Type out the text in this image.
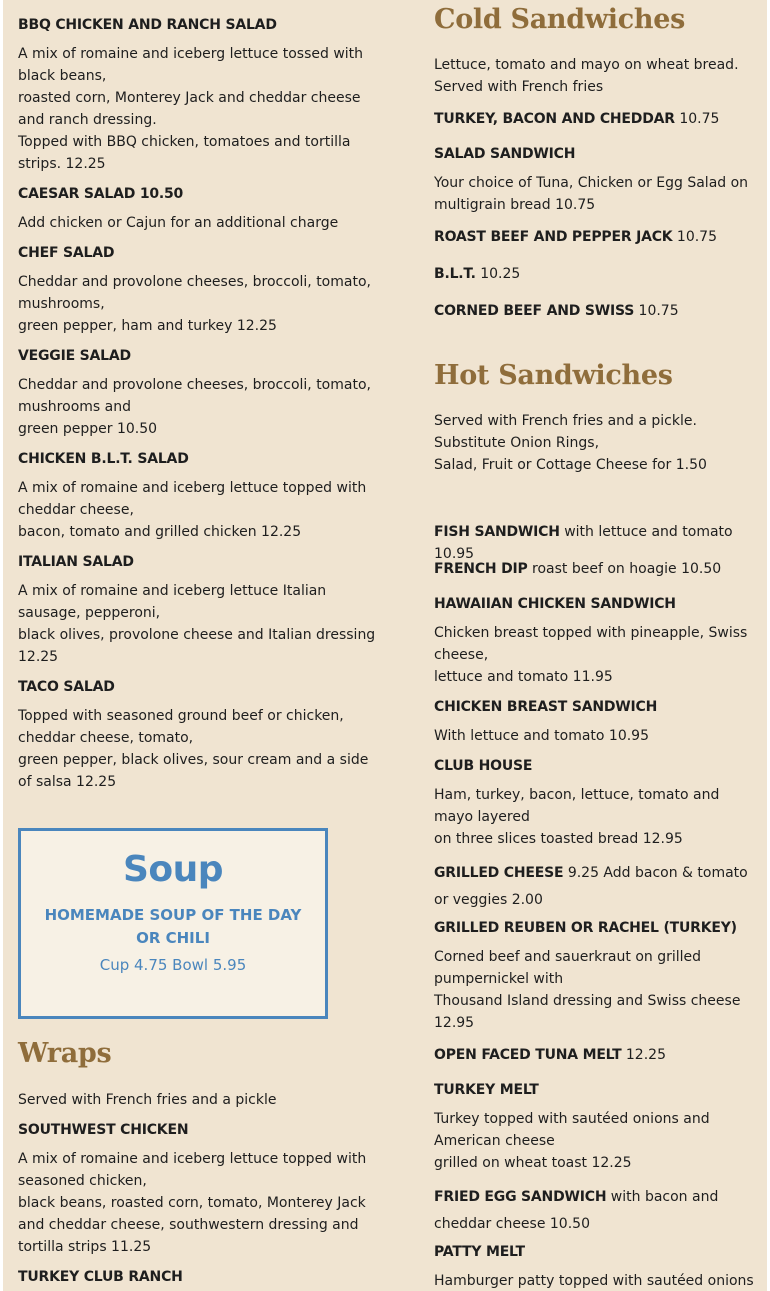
BBQ CHICKEN AND RANCH SALAD

A mix of romaine and iceberg lettuce tossed with black beans,

roasted corn, Monterey Jack and cheddar cheese and ranch dressing.

Topped with BBQ chicken, tomatoes and tortilla strips. 12.25

CAESAR SALAD 10.50

Add chicken or Cajun for an additional charge

CHEF SALAD

Cheddar and provolone cheeses, broccoli, tomato, mushrooms,

green pepper, ham and turkey 12.25

VEGGIE SALAD

Cheddar and provolone cheeses, broccoli, tomato, mushrooms and

green pepper 10.50

CHICKEN B.L.T. SALAD

A mix of romaine and iceberg lettuce topped with cheddar cheese,

bacon, tomato and grilled chicken 12.25

ITALIAN SALAD

A mix of romaine and iceberg lettuce Italian sausage, pepperoni,

black olives, provolone cheese and Italian dressing 12.25

TACO SALAD

Topped with seasoned ground beef or chicken, cheddar cheese, tomato,

green pepper, black olives, sour cream and a side of salsa 12.25

Wraps

Served with French fries and a pickle

SOUTHWEST CHICKEN

A mix of romaine and iceberg lettuce topped with seasoned chicken,

black beans, roasted corn, tomato, Monterey Jack and cheddar cheese, southwestern dressing and tortilla strips 11.25

TURKEY CLUB RANCH
Soup
HOMEMADE SOUP OF THE DAY OR CHILI
Cup 4.75 Bowl 5.95
Cold Sandwiches

Lettuce, tomato and mayo on wheat bread. Served with French fries

TURKEY, BACON AND CHEDDAR 10.75
SALAD SANDWICH

Your choice of Tuna, Chicken or Egg Salad on multigrain bread 10.75

ROAST BEEF AND PEPPER JACK 10.75
B.L.T. 10.25
CORNED BEEF AND SWISS 10.75
Hot Sandwiches

Served with French fries and a pickle. Substitute Onion Rings,

Salad, Fruit or Cottage Cheese for 1.50

FISH SANDWICH with lettuce and tomato 10.95
FRENCH DIP roast beef on hoagie 10.50
HAWAIIAN CHICKEN SANDWICH

Chicken breast topped with pineapple, Swiss cheese,

lettuce and tomato 11.95

CHICKEN BREAST SANDWICH

With lettuce and tomato 10.95

CLUB HOUSE

Ham, turkey, bacon, lettuce, tomato and mayo layered

on three slices toasted bread 12.95

GRILLED CHEESE 9.25 Add bacon & tomato or veggies 2.00
GRILLED REUBEN OR RACHEL (TURKEY)

Corned beef and sauerkraut on grilled pumpernickel with

Thousand Island dressing and Swiss cheese 12.95

OPEN FACED TUNA MELT 12.25
TURKEY MELT

Turkey topped with sautéed onions and American cheese

grilled on wheat toast 12.25

FRIED EGG SANDWICH with bacon and cheddar cheese 10.50
PATTY MELT

Hamburger patty topped with sautéed onions
